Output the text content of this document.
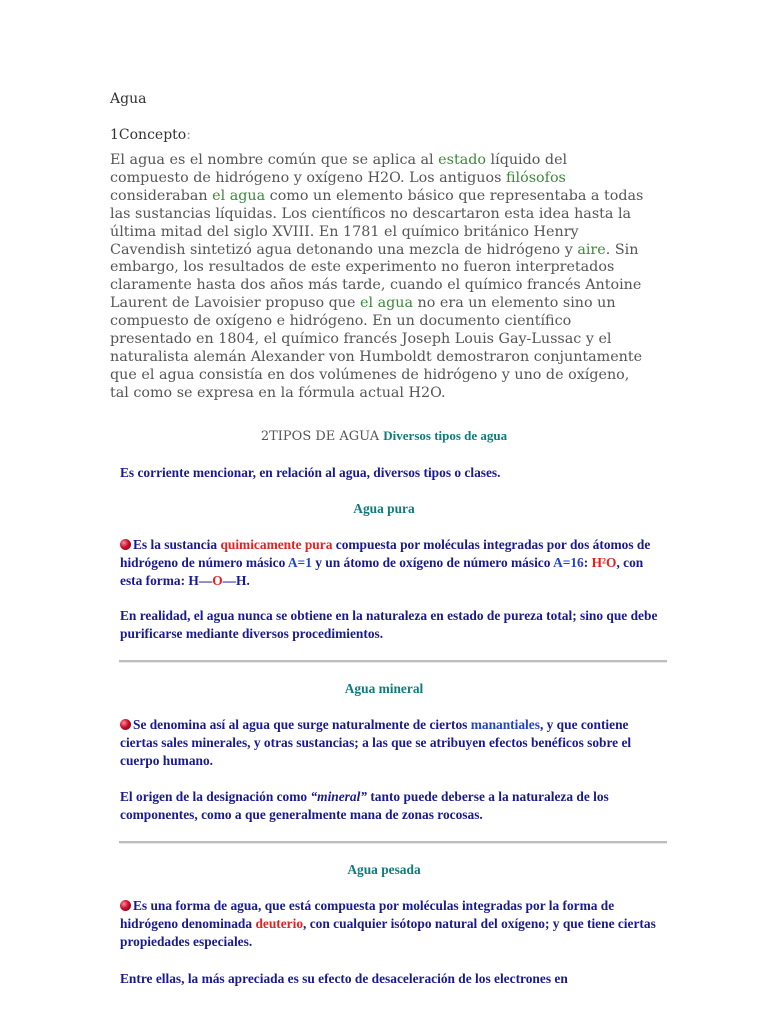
Agua
1Concepto:
El agua es el nombre común que se aplica al estado líquido del compuesto de hidrógeno y oxígeno H2O. Los antiguos filósofos consideraban el agua como un elemento básico que representaba a todas las sustancias líquidas. Los científicos no descartaron esta idea hasta la última mitad del siglo XVIII. En 1781 el químico británico Henry Cavendish sintetizó agua detonando una mezcla de hidrógeno y aire. Sin embargo, los resultados de este experimento no fueron interpretados claramente hasta dos años más tarde, cuando el químico francés Antoine Laurent de Lavoisier propuso que el agua no era un elemento sino un compuesto de oxígeno e hidrógeno. En un documento científico presentado en 1804, el químico francés Joseph Louis Gay-Lussac y el naturalista alemán Alexander von Humboldt demostraron conjuntamente que el agua consistía en dos volúmenes de hidrógeno y uno de oxígeno, tal como se expresa en la fórmula actual H2O.
2TIPOS DE AGUA Diversos tipos de agua
Es corriente mencionar, en relación al agua, diversos tipos o clases.
Agua pura
Es la sustancia quimicamente pura compuesta por moléculas integradas por dos átomos de hidrógeno de número másico A=1 y un átomo de oxígeno de número másico A=16: H²O, con esta forma: H—O—H.
En realidad, el agua nunca se obtiene en la naturaleza en estado de pureza total; sino que debe purificarse mediante diversos procedimientos.
Agua mineral
Se denomina así al agua que surge naturalmente de ciertos manantiales, y que contiene ciertas sales minerales, y otras sustancias; a las que se atribuyen efectos benéficos sobre el cuerpo humano.
El origen de la designación como “mineral” tanto puede deberse a la naturaleza de los componentes, como a que generalmente mana de zonas rocosas.
Agua pesada
Es una forma de agua, que está compuesta por moléculas integradas por la forma de hidrógeno denominada deuterio, con cualquier isótopo natural del oxígeno; y que tiene ciertas propiedades especiales.
Entre ellas, la más apreciada es su efecto de desaceleración de los electrones en
